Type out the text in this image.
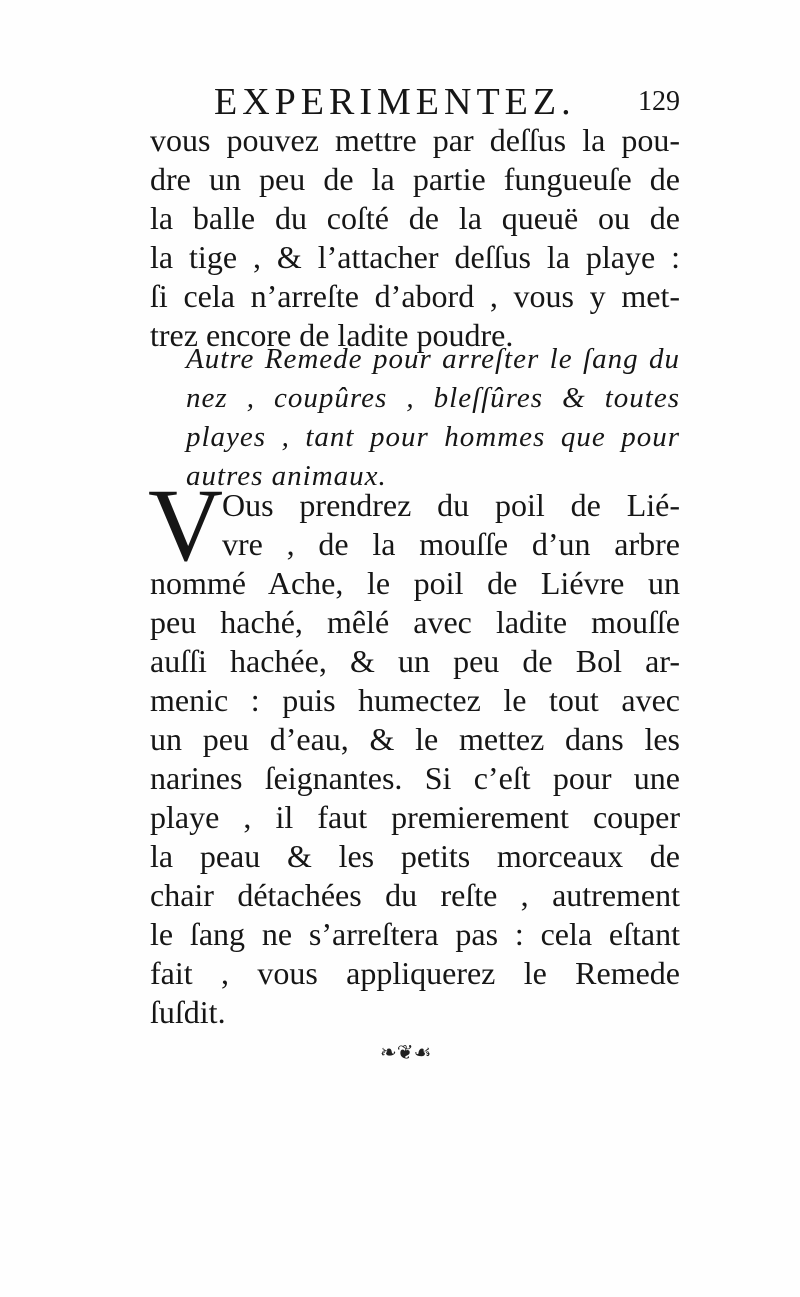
EXPERIMENTEZ. 129
vous pouvez mettre par deſſus la pou-
dre un peu de la partie fungueuſe de
la balle du coſté de la queuë ou de
la tige , & l’attacher deſſus la playe :
ſi cela n’arreſte d’abord , vous y met-
trez encore de ladite poudre.
Autre Remede pour arreſter le ſang du
nez , coupûres , bleſſûres & toutes
playes , tant pour hommes que pour
autres animaux.
V
Ous prendrez du poil de Lié-
vre , de la mouſſe d’un arbre
nommé Ache, le poil de Liévre un
peu haché, mêlé avec ladite mouſſe
auſſi hachée, & un peu de Bol ar-
menic : puis humectez le tout avec
un peu d’eau, & le mettez dans les
narines ſeignantes. Si c’eſt pour une
playe , il faut premierement couper
la peau & les petits morceaux de
chair détachées du reſte , autrement
le ſang ne s’arreſtera pas : cela eſtant
fait , vous appliquerez le Remede
ſuſdit.
❧❦☙
